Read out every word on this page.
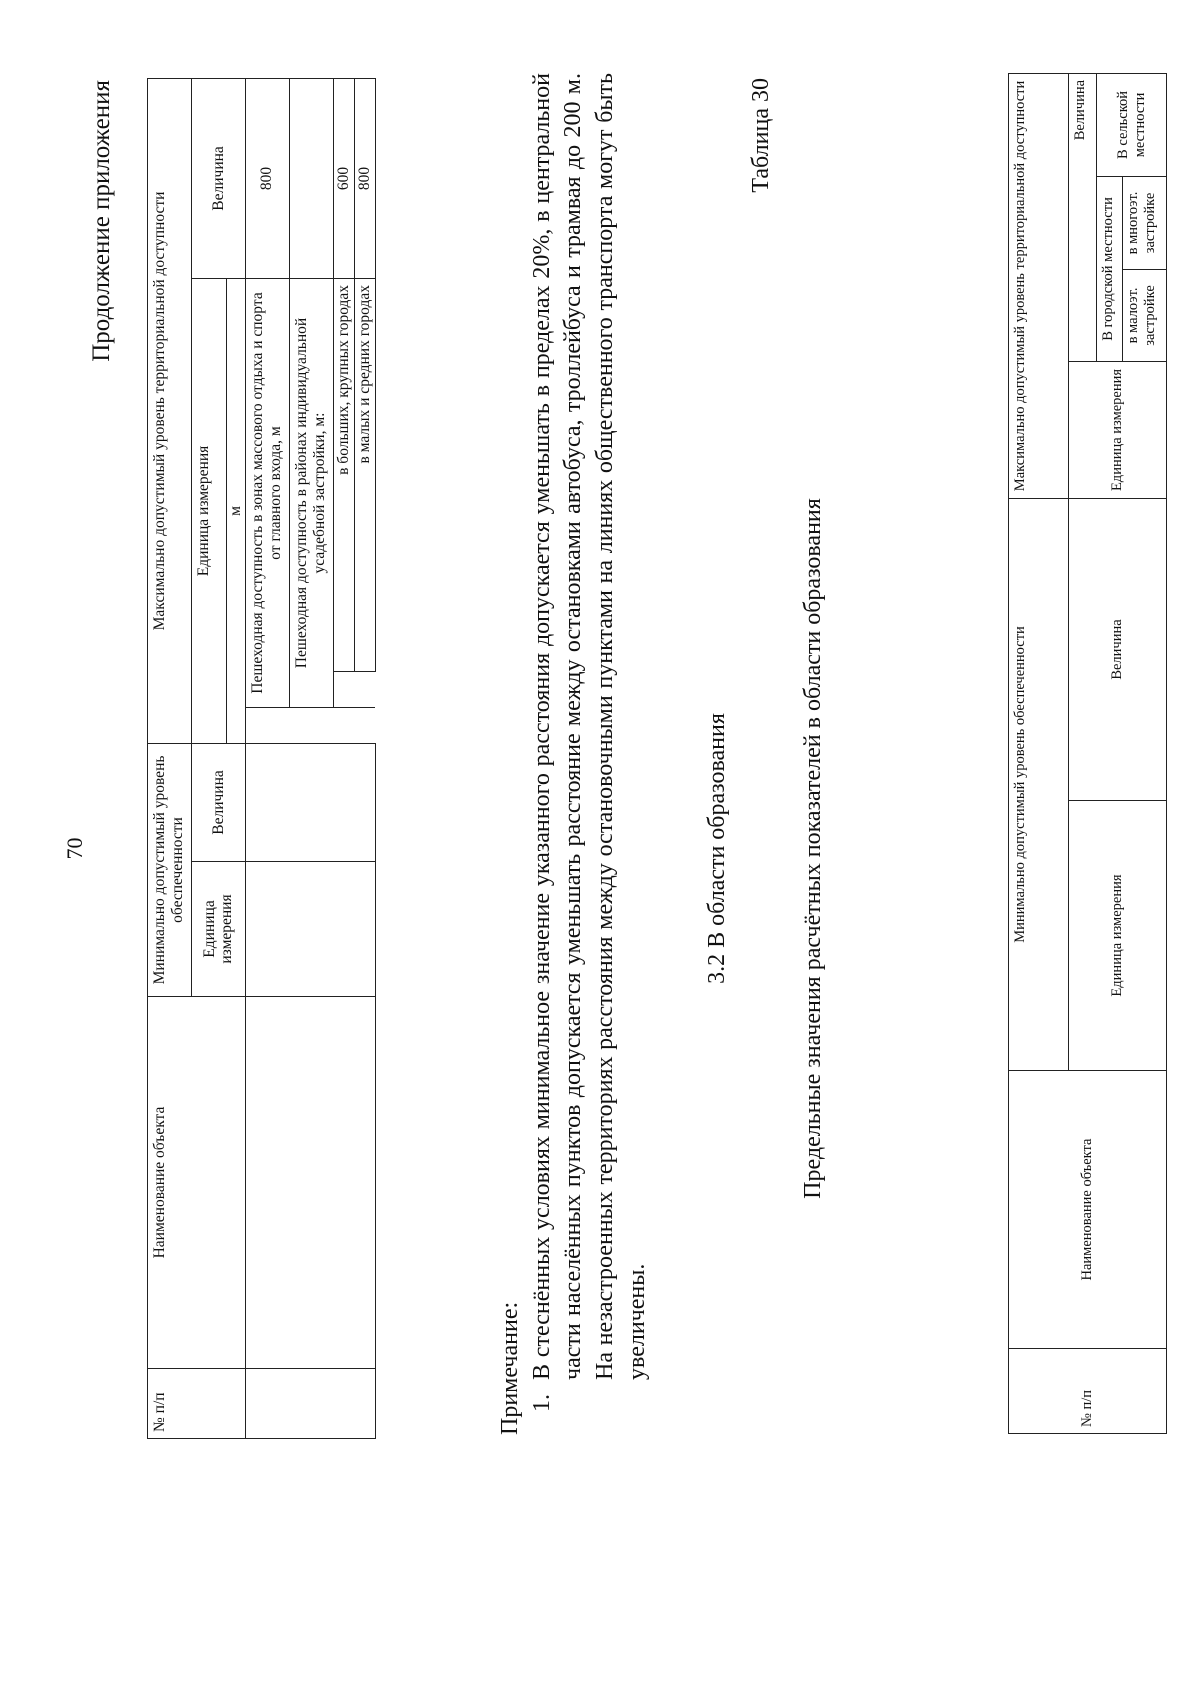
70
Продолжение приложения
№ п/п	Наименование объекта	Минимально допустимый уровень обеспеченности		Максимально допустимый уровень территориальной доступности			
		Единица измерения	Величина	Единица измерения			Величина
				м			
					Пешеходная доступность в зонах массового отдыха и спорта от главного входа, м		800
					Пешеходная доступность в районах индивидуальной усадебной застройки, м:		
						в больших, крупных городах	600
						в малых и средних городах	800
Примечание: 1.В стеснённых условиях минимальное значение указанного расстояния допускается уменьшать в пределах 20%, в центральной части населённых пунктов допускается уменьшать расстояние между остановками автобуса, троллейбуса и трамвая до 200 м. На незастроенных территориях расстояния между остановочными пунктами на линиях общественного транспорта могут быть увеличены.
3.2 В области образования
Таблица 30
Предельные значения расчётных показателей в области образования
№ п/п	Наименование объекта	Минимально допустимый уровень обеспеченности		Максимально допустимый уровень территориальной доступности			
		Единица измерения	Величина	Единица измерения	Величина		
					В городской местности		В сельской местности
					в малоэт. застройке	в многоэт. застройке	
